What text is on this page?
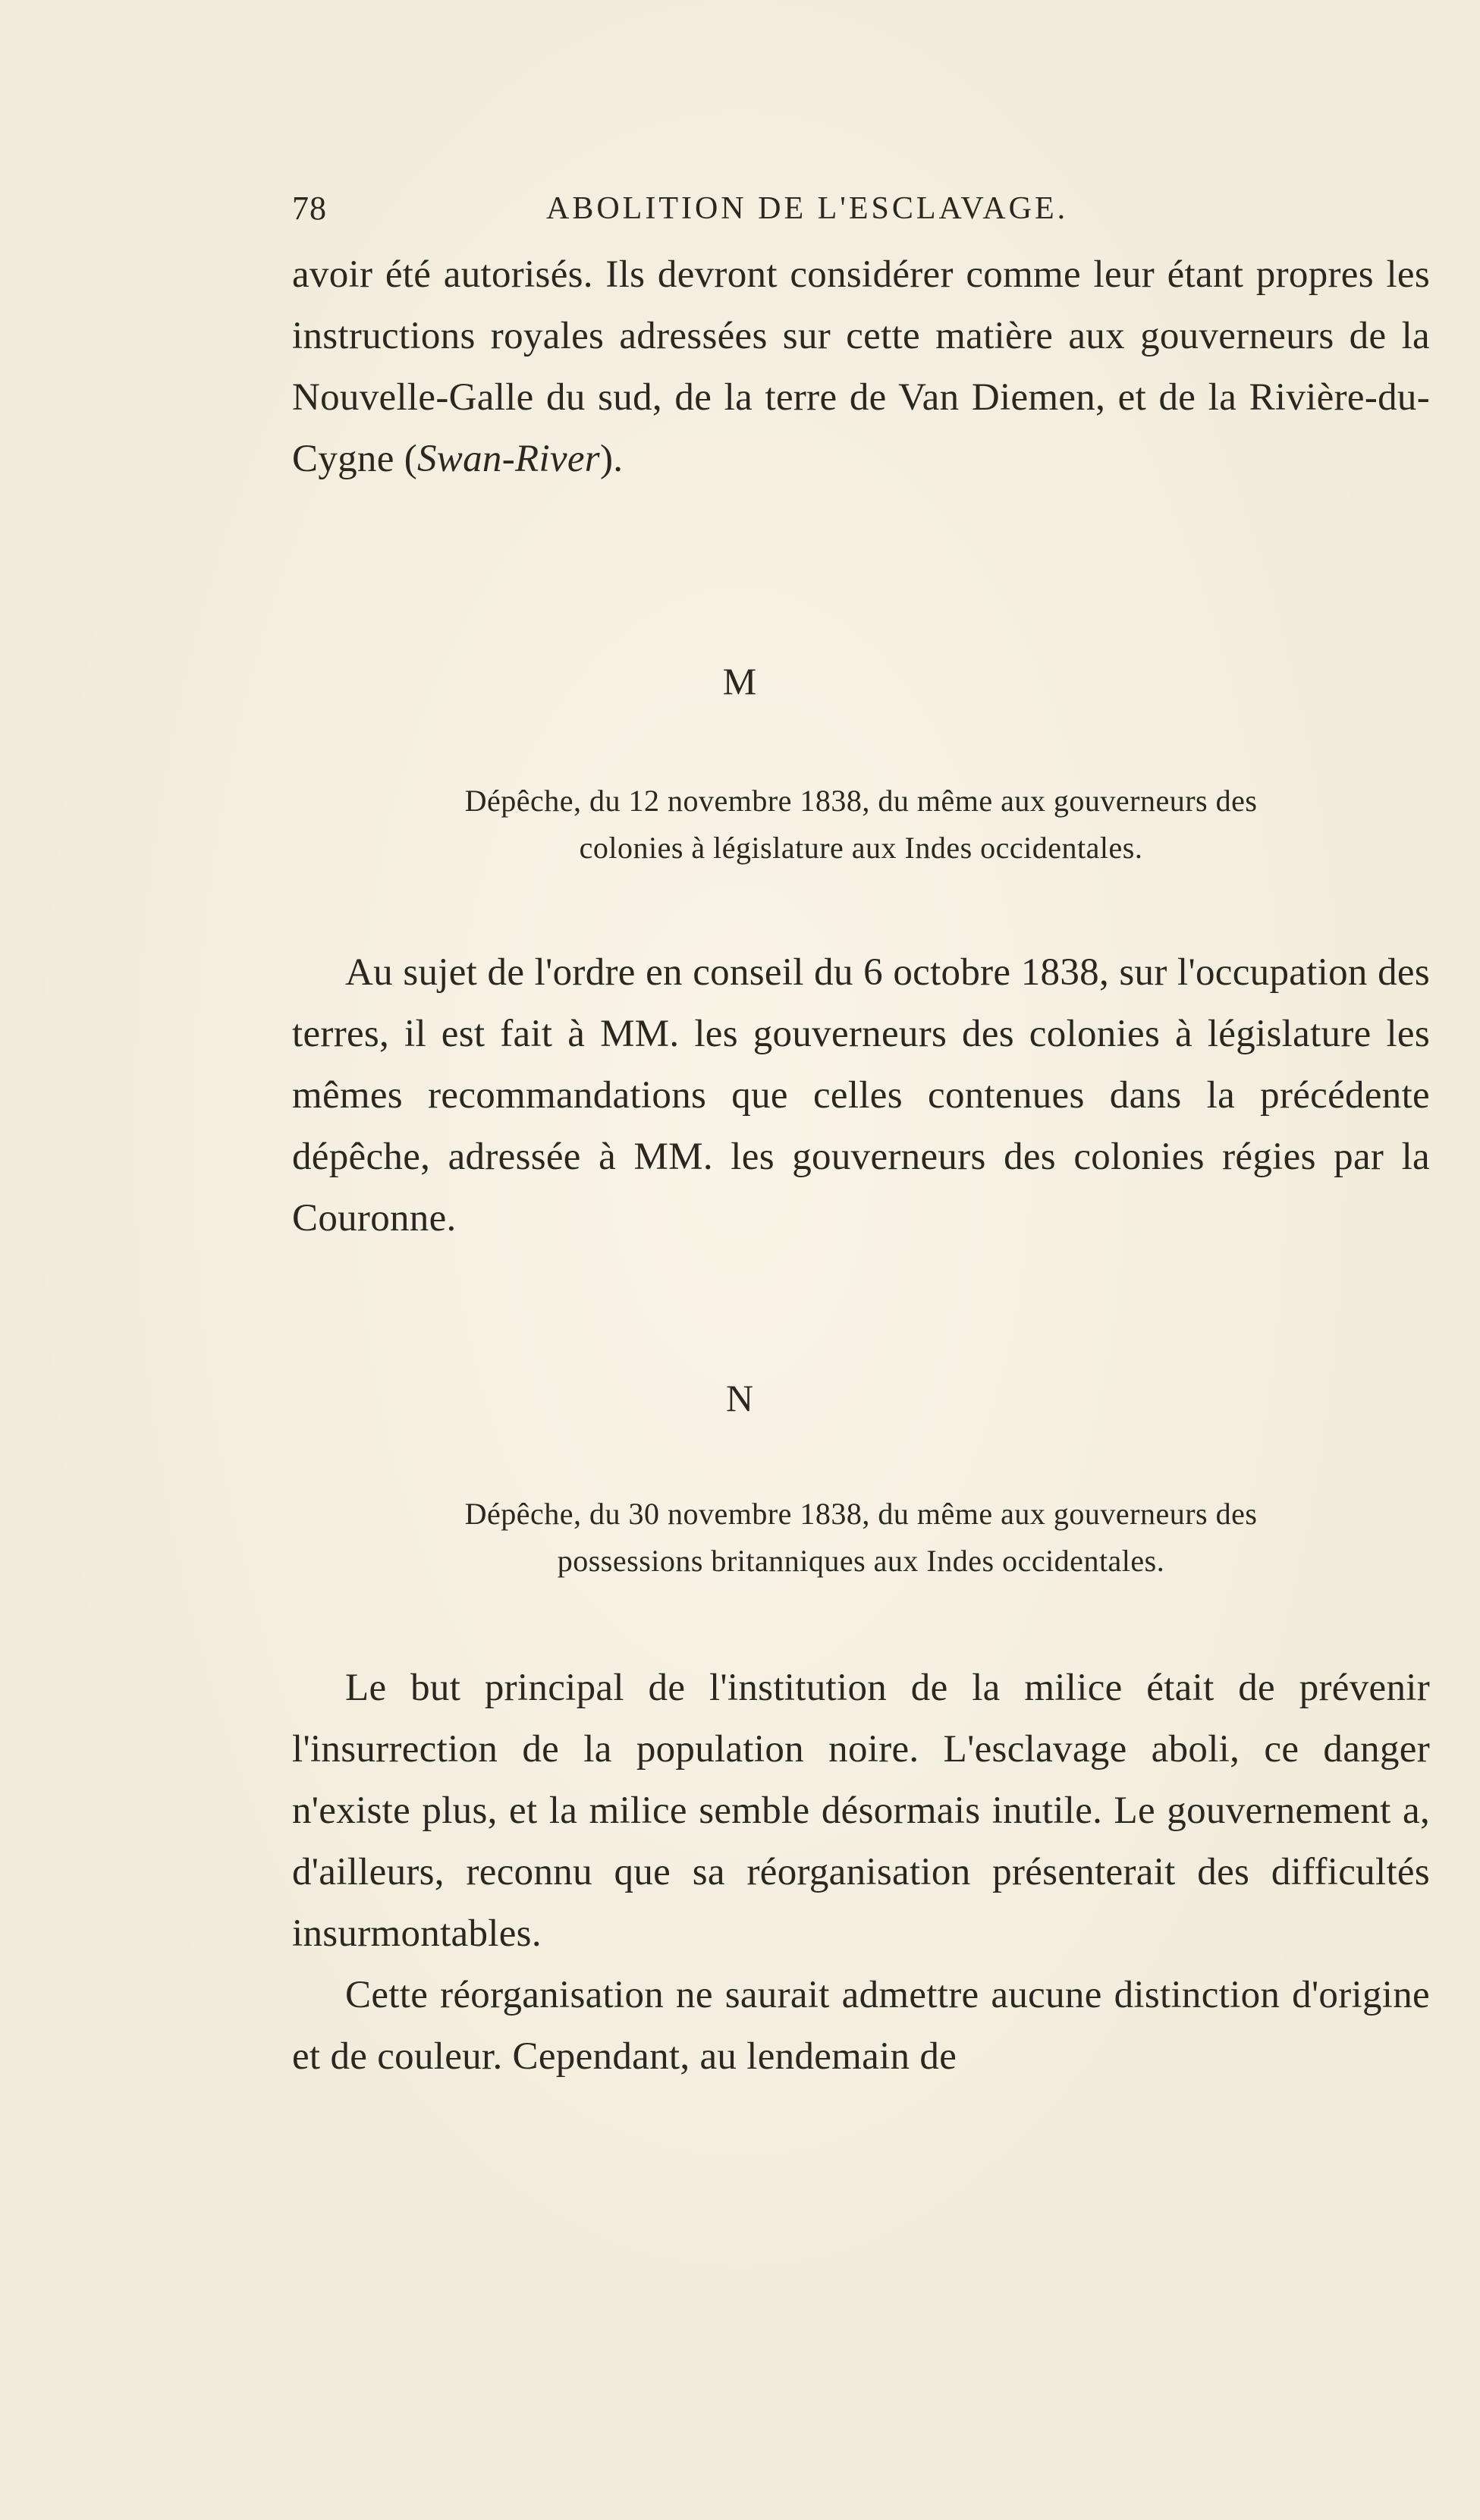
78	ABOLITION DE L'ESCLAVAGE.

avoir été autorisés. Ils devront considérer comme leur étant propres les instructions royales adressées sur cette matière aux gouverneurs de la Nouvelle-Galle du sud, de la terre de Van Diemen, et de la Rivière-du-Cygne (Swan-River).

M
Dépêche, du 12 novembre 1838, du même aux gouverneurs des
colonies à législature aux Indes occidentales.

Au sujet de l'ordre en conseil du 6 octobre 1838, sur l'occupation des terres, il est fait à MM. les gouverneurs des colonies à législature les mêmes recommandations que celles contenues dans la précédente dépêche, adressée à MM. les gouverneurs des colonies régies par la Couronne.

N
Dépêche, du 30 novembre 1838, du même aux gouverneurs des
possessions britanniques aux Indes occidentales.

Le but principal de l'institution de la milice était de prévenir l'insurrection de la population noire. L'esclavage aboli, ce danger n'existe plus, et la milice semble désormais inutile. Le gouvernement a, d'ailleurs, reconnu que sa réorganisation présenterait des difficultés insurmontables.

Cette réorganisation ne saurait admettre aucune distinction d'origine et de couleur. Cependant, au lendemain de
